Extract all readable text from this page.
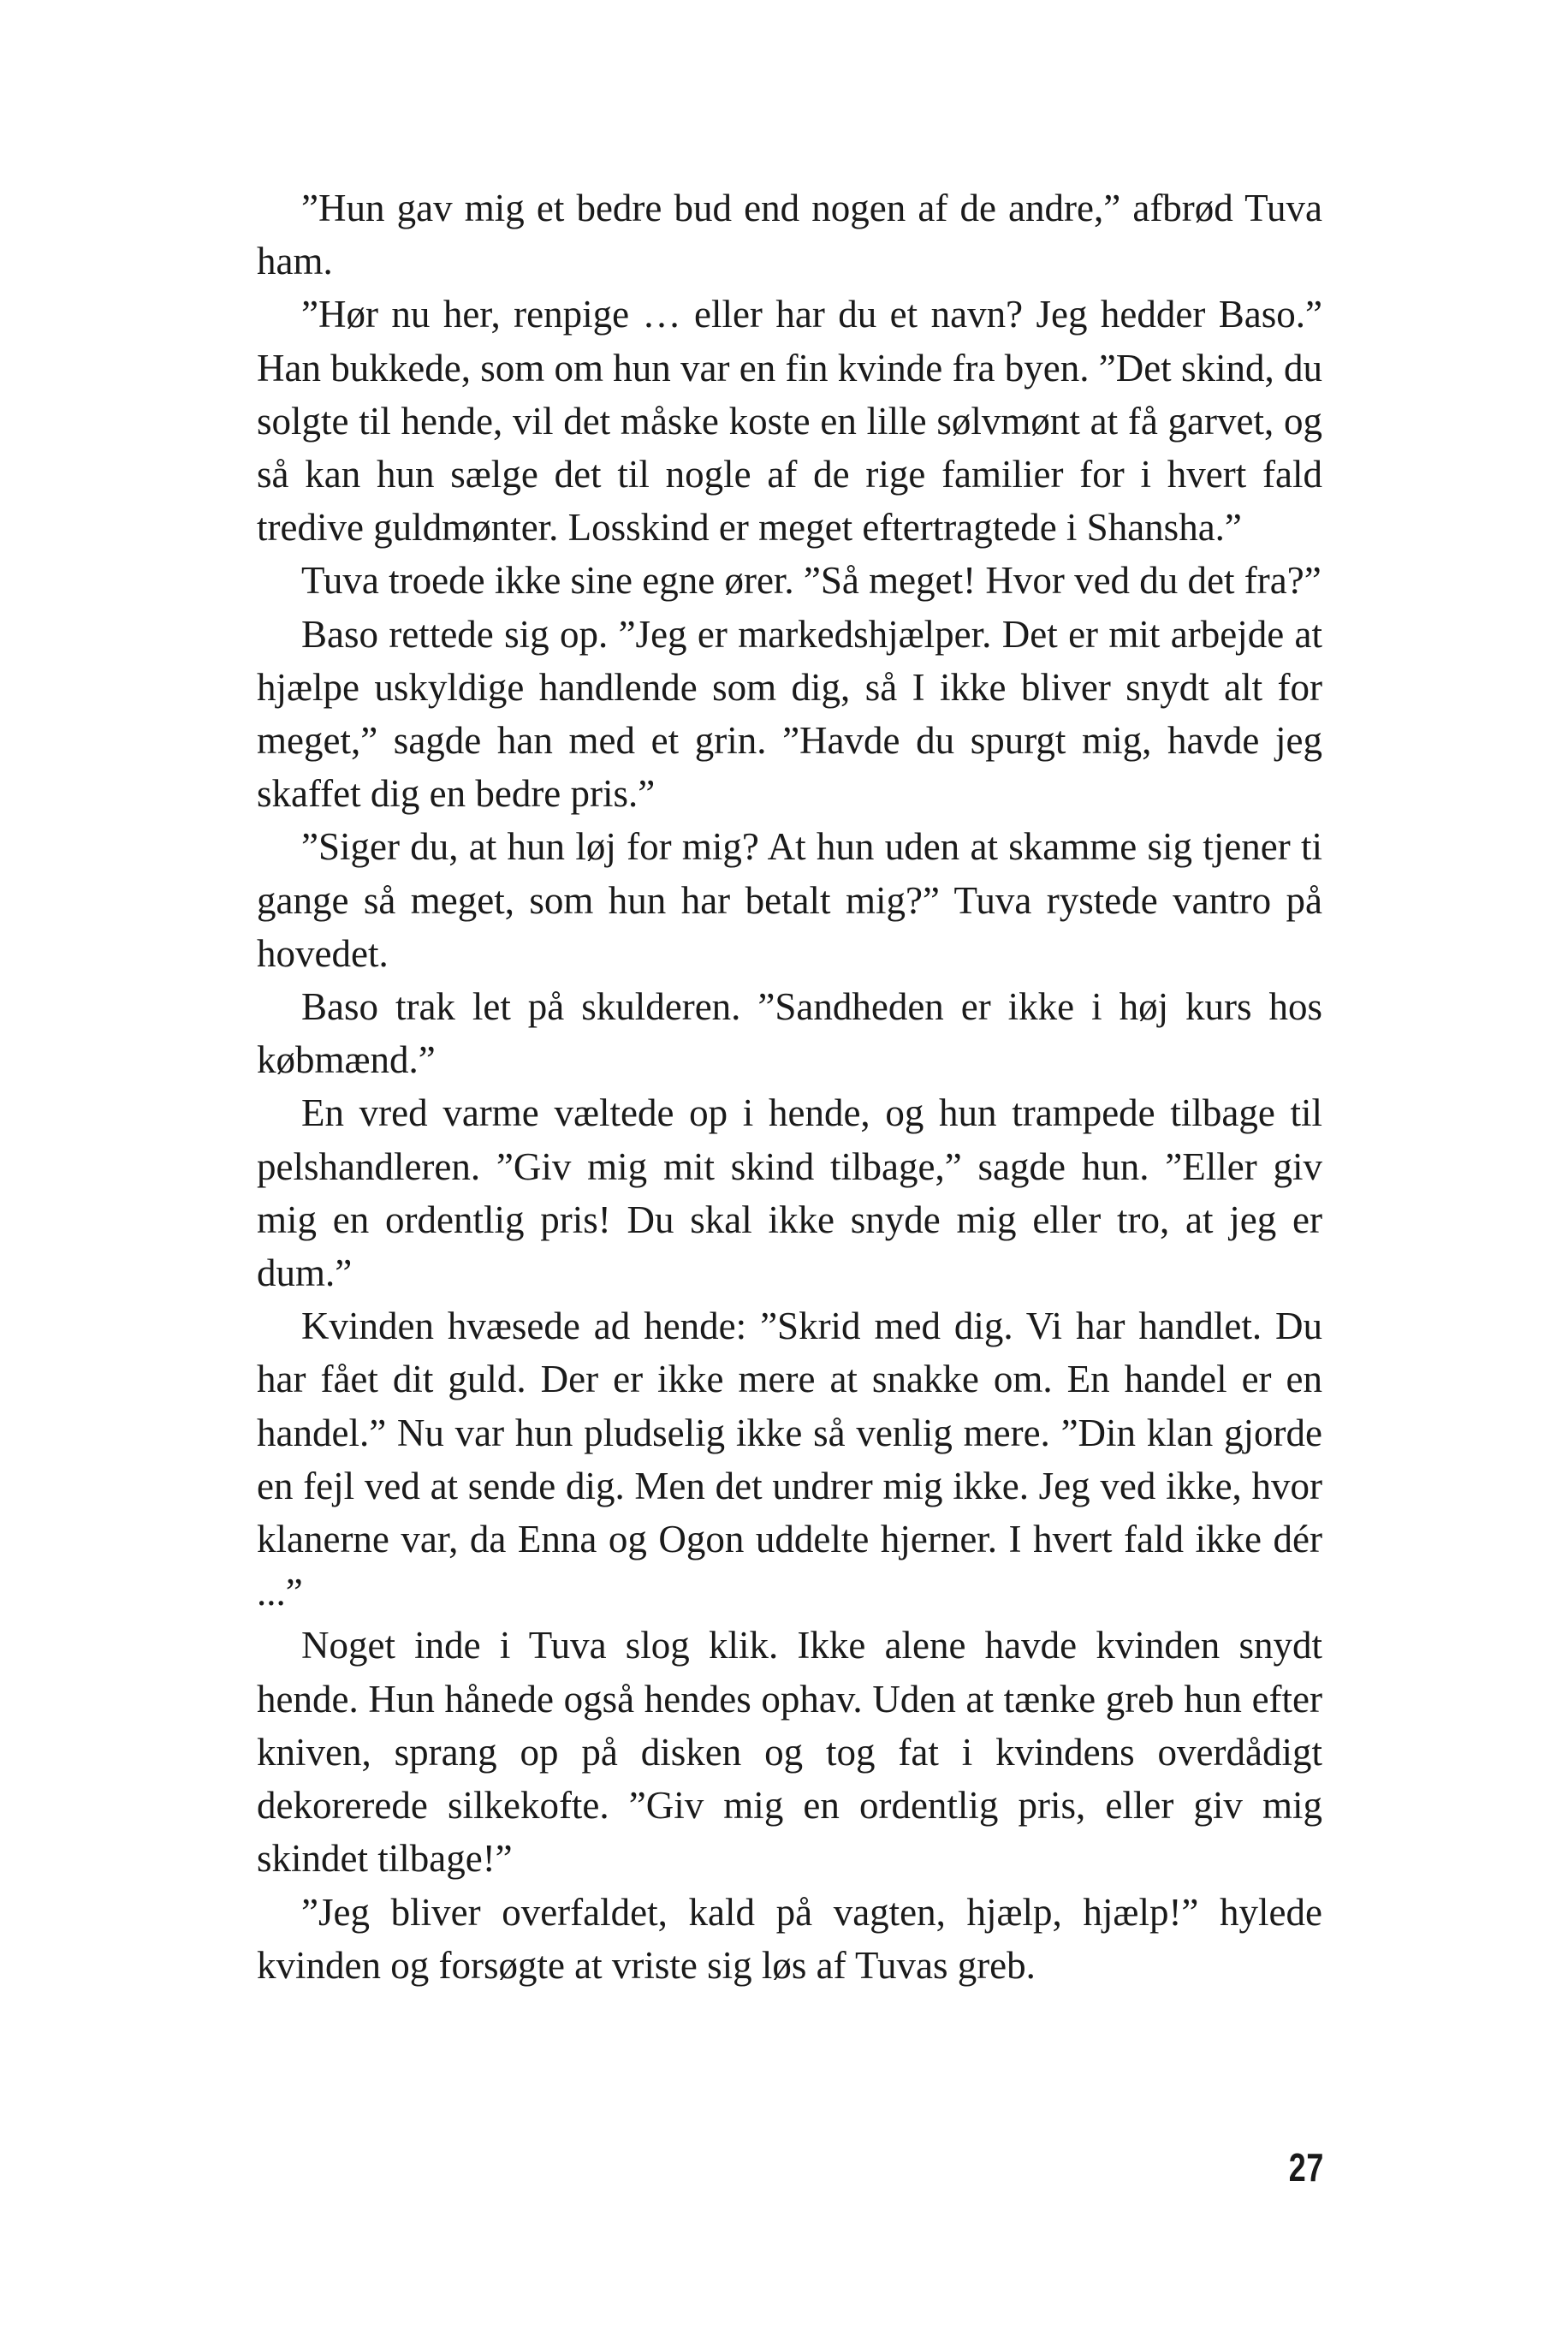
”Hun gav mig et bedre bud end nogen af de andre,” afbrød Tuva ham.

”Hør nu her, renpige … eller har du et navn? Jeg hedder Baso.” Han bukkede, som om hun var en fin kvinde fra byen. ”Det skind, du solgte til hende, vil det måske koste en lille sølvmønt at få garvet, og så kan hun sælge det til nogle af de rige familier for i hvert fald tredive guldmønter. Losskind er meget eftertragtede i Shansha.”

Tuva troede ikke sine egne ører. ”Så meget! Hvor ved du det fra?”

Baso rettede sig op. ”Jeg er markedshjælper. Det er mit arbejde at hjælpe uskyldige handlende som dig, så I ikke bliver snydt alt for meget,” sagde han med et grin. ”Havde du spurgt mig, havde jeg skaffet dig en bedre pris.”

”Siger du, at hun løj for mig? At hun uden at skamme sig tjener ti gange så meget, som hun har betalt mig?” Tuva rystede vantro på hovedet.

Baso trak let på skulderen. ”Sandheden er ikke i høj kurs hos købmænd.”

En vred varme væltede op i hende, og hun trampede tilbage til pelshandleren. ”Giv mig mit skind tilbage,” sagde hun. ”Eller giv mig en ordentlig pris! Du skal ikke snyde mig eller tro, at jeg er dum.”

Kvinden hvæsede ad hende: ”Skrid med dig. Vi har handlet. Du har fået dit guld. Der er ikke mere at snakke om. En handel er en handel.” Nu var hun pludselig ikke så venlig mere. ”Din klan gjorde en fejl ved at sende dig. Men det undrer mig ikke. Jeg ved ikke, hvor klanerne var, da Enna og Ogon uddelte hjerner. I hvert fald ikke dér ...”

Noget inde i Tuva slog klik. Ikke alene havde kvinden snydt hende. Hun hånede også hendes ophav. Uden at tænke greb hun efter kniven, sprang op på disken og tog fat i kvindens overdådigt dekorerede silkekofte. ”Giv mig en ordentlig pris, eller giv mig skindet tilbage!”

”Jeg bliver overfaldet, kald på vagten, hjælp, hjælp!” hylede kvinden og forsøgte at vriste sig løs af Tuvas greb.

27
